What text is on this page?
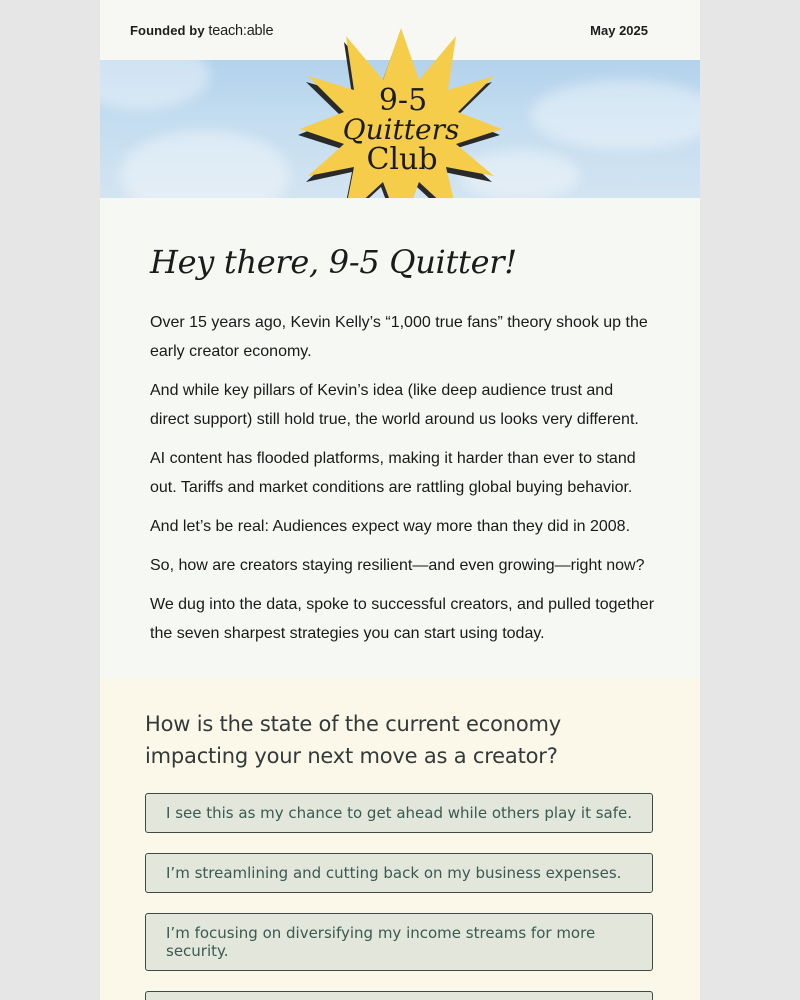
Founded by teach:able	May 2025
9-5
Quitters
Club
Hey there, 9-5 Quitter!

Over 15 years ago, Kevin Kelly’s “1,000 true fans” theory shook up the early creator economy.

And while key pillars of Kevin’s idea (like deep audience trust and direct support) still hold true, the world around us looks very different.

AI content has flooded platforms, making it harder than ever to stand out. Tariffs and market conditions are rattling global buying behavior.

And let’s be real: Audiences expect way more than they did in 2008.

So, how are creators staying resilient—and even growing—right now?

We dug into the data, spoke to successful creators, and pulled together the seven sharpest strategies you can start using today.

How is the state of the current economy impacting your next move as a creator?
I see this as my chance to get ahead while others play it safe.
I’m streamlining and cutting back on my business expenses.
I’m focusing on diversifying my income streams for more security.
